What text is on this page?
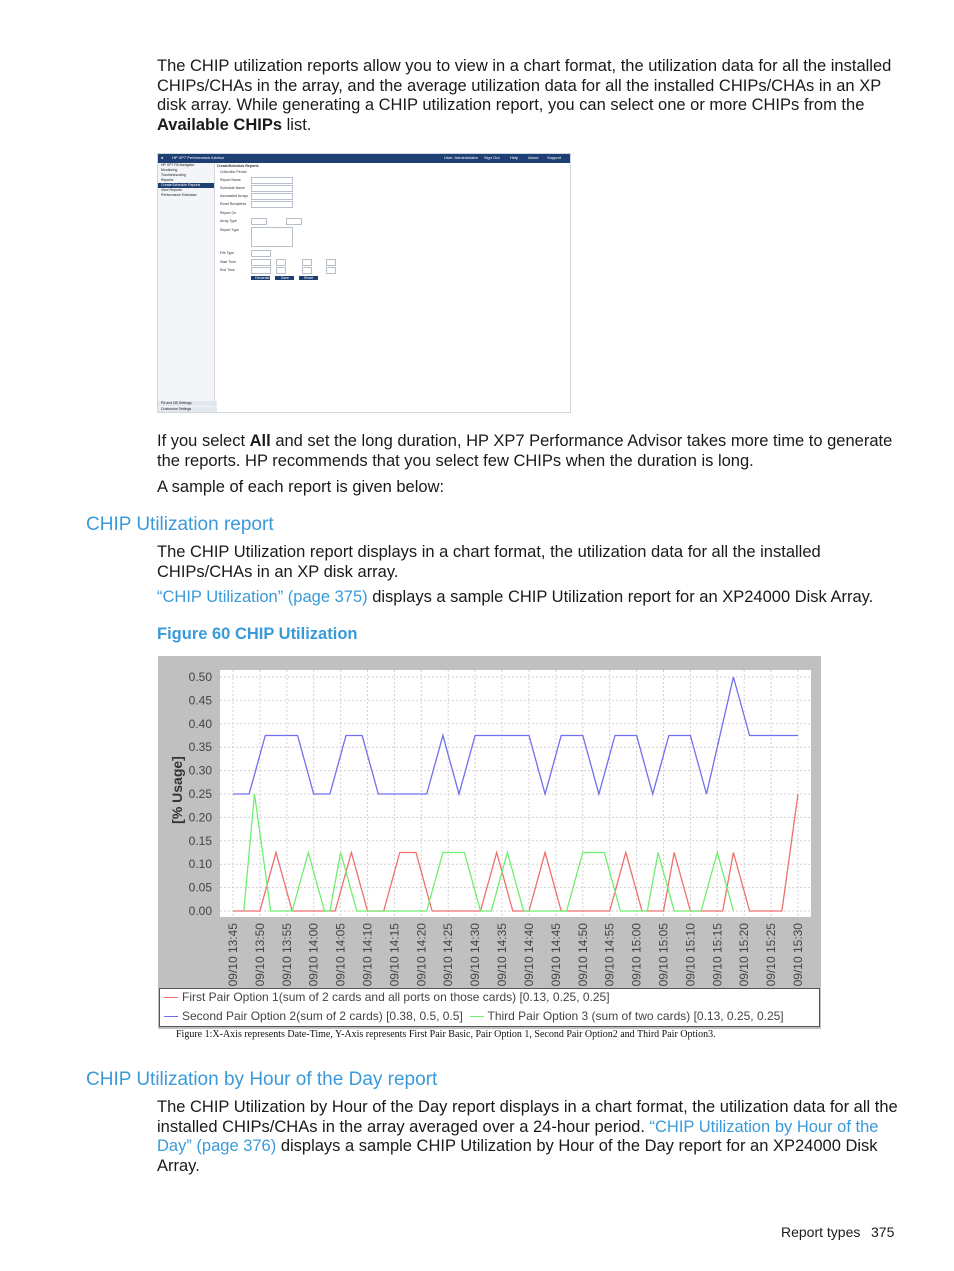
The CHIP utilization reports allow you to view in a chart format, the utilization data for all the installed CHIPs/CHAs in the array, and the average utilization data for all the installed CHIPs/CHAs in an XP disk array. While generating a CHIP utilization report, you can select one or more CHIPs from the Available CHIPs list.

● HP XP7 Performance Advisor	User: Administrator Sign Out	Help About Support
HP XP7 PA Navigator
Monitoring
Troubleshooting
Reports
Create/Schedule Reports
View Reports
Performance Estimator
PA and DB Settings
Customize Settings
Create/Schedule Reports
Collection Period
Report Name
Schedule Name
Associated Arrays
Email Recipients
Report On
Array Type
Report Type
File Type
Start Time
End Time
Generate	Save	Reset

If you select All and set the long duration, HP XP7 Performance Advisor takes more time to generate the reports. HP recommends that you select few CHIPs when the duration is long.

A sample of each report is given below:

CHIP Utilization report

The CHIP Utilization report displays in a chart format, the utilization data for all the installed CHIPs/CHAs in an XP disk array.

“CHIP Utilization” (page 375) displays a sample CHIP Utilization report for an XP24000 Disk Array.

Figure 60 CHIP Utilization
0.00
0.05
0.10
0.15
0.20
0.25
0.30
0.35
0.40
0.45
0.50
09/10 13:45 09/10 13:50 09/10 13:55 09/10 14:00 09/10 14:05 09/10 14:10 09/10 14:15 09/10 14:20 09/10 14:25 09/10 14:30 09/10 14:35 09/10 14:40 09/10 14:45 09/10 14:50 09/10 14:55 09/10 15:00 09/10 15:05 09/10 15:10 09/10 15:15 09/10 15:20 09/10 15:25 09/10 15:30
[% Usage]
First Pair Option 1(sum of 2 cards and all ports on those cards) [0.13, 0.25, 0.25]
Second Pair Option 2(sum of 2 cards) [0.38, 0.5, 0.5] Third Pair Option 3 (sum of two cards) [0.13, 0.25, 0.25]
Figure 1:X-Axis represents Date-Time, Y-Axis represents First Pair Basic, Pair Option 1, Second Pair Option2 and Third Pair Option3.
CHIP Utilization by Hour of the Day report

The CHIP Utilization by Hour of the Day report displays in a chart format, the utilization data for all the installed CHIPs/CHAs in the array averaged over a 24-hour period. “CHIP Utilization by Hour of the Day” (page 376) displays a sample CHIP Utilization by Hour of the Day report for an XP24000 Disk Array.

Report types 375
